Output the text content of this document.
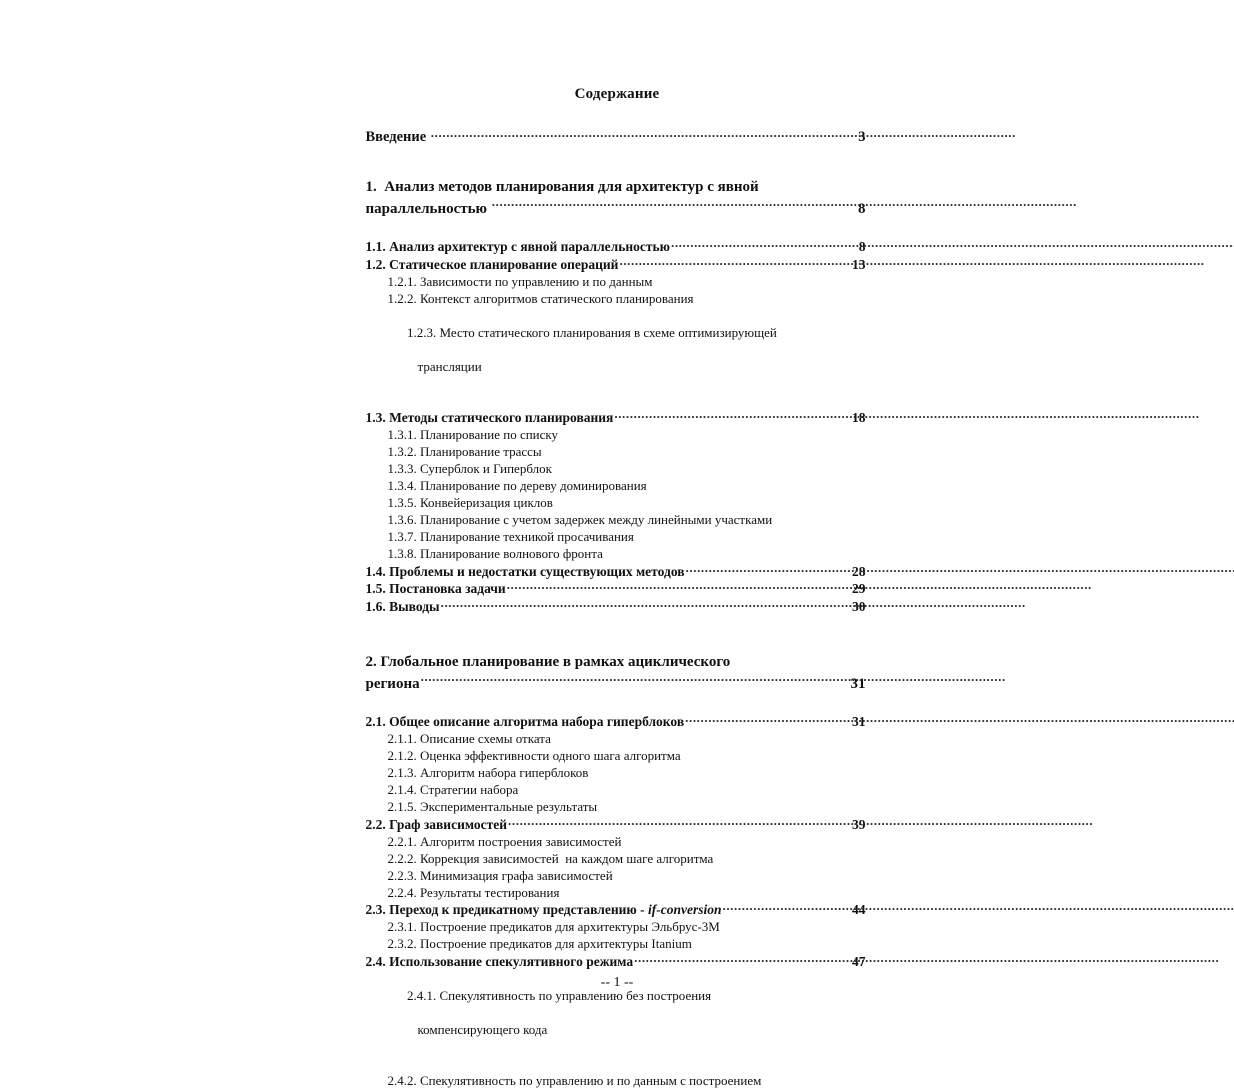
Содержание
Введение .....	3
1.  Анализ методов планирования для архитектур с явной
параллельностью .....	8
1.1. Анализ архитектур с явной параллельностью .....	8
1.2. Статическое планирование операций .....	13
1.2.1. Зависимости по управлению и по данным
1.2.2. Контекст алгоритмов статического планирования

1.2.3. Место статического планирования в схеме оптимизирующей

трансляции

1.3. Методы статического планирования .....	18
1.3.1. Планирование по списку
1.3.2. Планирование трассы
1.3.3. Суперблок и Гиперблок
1.3.4. Планирование по дереву доминирования
1.3.5. Конвейеризация циклов
1.3.6. Планирование с учетом задержек между линейными участками
1.3.7. Планирование техникой просачивания
1.3.8. Планирование волнового фронта
1.4. Проблемы и недостатки существующих методов .....	28
1.5. Постановка задачи .....	29
1.6. Выводы .....	30
2. Глобальное планирование в рамках ациклического
региона .....	31
2.1. Общее описание алгоритма набора гиперблоков .....	31
2.1.1. Описание схемы отката
2.1.2. Оценка эффективности одного шага алгоритма
2.1.3. Алгоритм набора гиперблоков
2.1.4. Стратегии набора
2.1.5. Экспериментальные результаты
2.2. Граф зависимостей .....	39
2.2.1. Алгоритм построения зависимостей
2.2.2. Коррекция зависимостей  на каждом шаге алгоритма
2.2.3. Минимизация графа зависимостей
2.2.4. Результаты тестирования
2.3. Переход к предикатному представлению - if-conversion .....	44
2.3.1. Построение предикатов для архитектуры Эльбрус-3М
2.3.2. Построение предикатов для архитектуры Itanium
2.4. Использование спекулятивного режима .....	47

2.4.1. Спекулятивность по управлению без построения

компенсирующего кода

2.4.2. Спекулятивность по управлению и по данным с построением
-- 1 --
